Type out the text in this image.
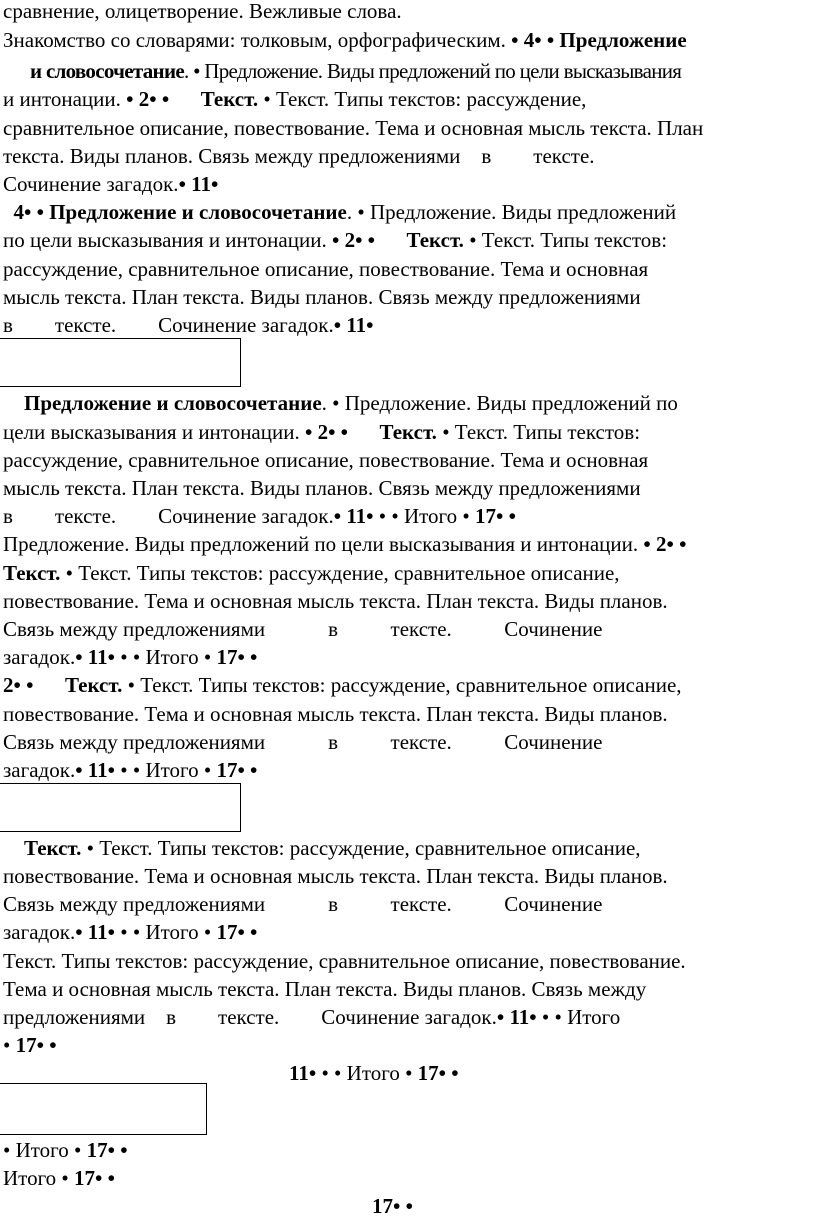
сравнение, олицетворение. Вежливые слова.
Знакомство со словарями: толковым, орфографическим. • 4• • Предложение
и словосочетание. • Предложение. Виды предложений по цели высказывания
и интонации. • 2• •      Текст. • Текст. Типы текстов: рассуждение,
сравнительное описание, повествование. Тема и основная мысль текста. План
текста. Виды планов. Связь между предложениями    в        тексте.
Сочинение загадок.• 11•
4• • Предложение и словосочетание. • Предложение. Виды предложений
по цели высказывания и интонации. • 2• •      Текст. • Текст. Типы текстов:
рассуждение, сравнительное описание, повествование. Тема и основная
мысль текста. План текста. Виды планов. Связь между предложениями
в        тексте.        Сочинение загадок.• 11•
Предложение и словосочетание. • Предложение. Виды предложений по
цели высказывания и интонации. • 2• •      Текст. • Текст. Типы текстов:
рассуждение, сравнительное описание, повествование. Тема и основная
мысль текста. План текста. Виды планов. Связь между предложениями
в        тексте.        Сочинение загадок.• 11• • • Итого • 17• •
Предложение. Виды предложений по цели высказывания и интонации. • 2• •
Текст. • Текст. Типы текстов: рассуждение, сравнительное описание,
повествование. Тема и основная мысль текста. План текста. Виды планов.
Связь между предложениями            в          тексте.          Сочинение
загадок.• 11• • • Итого • 17• •
2• •      Текст. • Текст. Типы текстов: рассуждение, сравнительное описание,
повествование. Тема и основная мысль текста. План текста. Виды планов.
Связь между предложениями            в          тексте.          Сочинение
загадок.• 11• • • Итого • 17• •
Текст. • Текст. Типы текстов: рассуждение, сравнительное описание,
повествование. Тема и основная мысль текста. План текста. Виды планов.
Связь между предложениями            в          тексте.          Сочинение
загадок.• 11• • • Итого • 17• •
Текст. Типы текстов: рассуждение, сравнительное описание, повествование.
Тема и основная мысль текста. План текста. Виды планов. Связь между
предложениями    в        тексте.        Сочинение загадок.• 11• • • Итого
• 17• •
11• • • Итого • 17• •
• Итого • 17• •
Итого • 17• •
17• •
